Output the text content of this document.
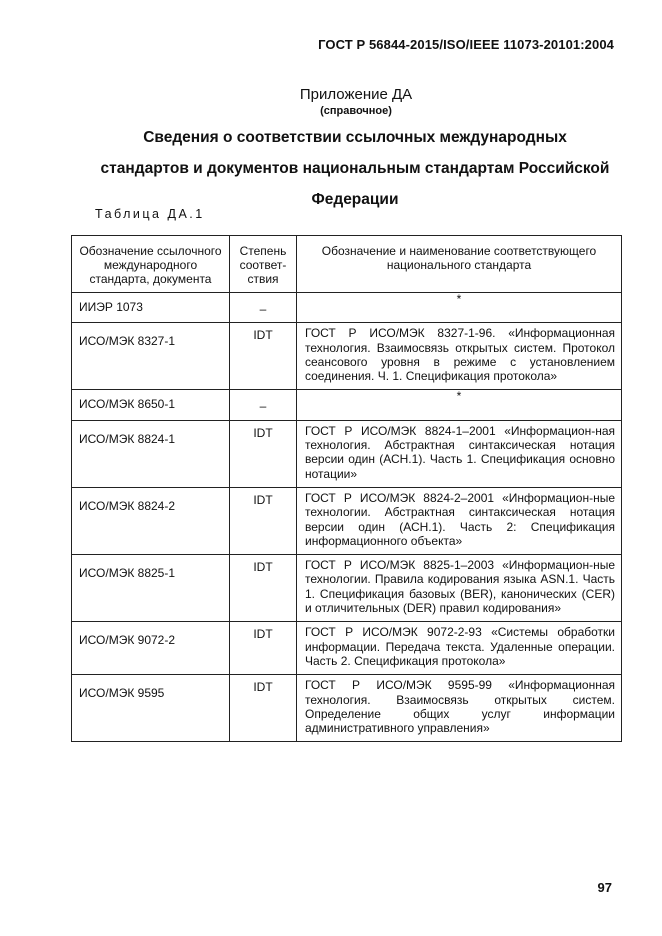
ГОСТ Р 56844-2015/ISO/IEEE 11073-20101:2004
Приложение ДА
(справочное)
Сведения о соответствии ссылочных международных
стандартов и документов национальным стандартам Российской
Федерации
Таблица ДА.1
Обозначение ссылочного международного стандарта, документа	Степень соответ-ствия	Обозначение и наименование соответствующего национального стандарта
ИИЭР 1073	–	*
ИСО/МЭК 8327-1	IDT	ГОСТ Р ИСО/МЭК 8327-1-96. «Информационная технология. Взаимосвязь открытых систем. Протокол сеансового уровня в режиме с установлением соединения. Ч. 1. Спецификация протокола»
ИСО/МЭК 8650-1	–	*
ИСО/МЭК 8824-1	IDT	ГОСТ Р ИСО/МЭК 8824-1–2001 «Информацион-ная технология. Абстрактная синтаксическая нотация версии один (АСН.1). Часть 1. Спецификация основно нотации»
ИСО/МЭК 8824-2	IDT	ГОСТ Р ИСО/МЭК 8824-2–2001 «Информацион-ные технологии. Абстрактная синтаксическая нотация версии один (АСН.1). Часть 2: Спецификация информационного объекта»
ИСО/МЭК 8825-1	IDT	ГОСТ Р ИСО/МЭК 8825-1–2003 «Информацион-ные технологии. Правила кодирования языка ASN.1. Часть 1. Спецификация базовых (BER), канонических (CER) и отличительных (DER) правил кодирования»
ИСО/МЭК 9072-2	IDT	ГОСТ Р ИСО/МЭК 9072-2-93 «Системы обработки информации. Передача текста. Удаленные операции. Часть 2. Спецификация протокола»
ИСО/МЭК 9595	IDT	ГОСТ Р ИСО/МЭК 9595-99 «Информационная технология. Взаимосвязь открытых систем. Определение общих услуг информации административного управления»
97
